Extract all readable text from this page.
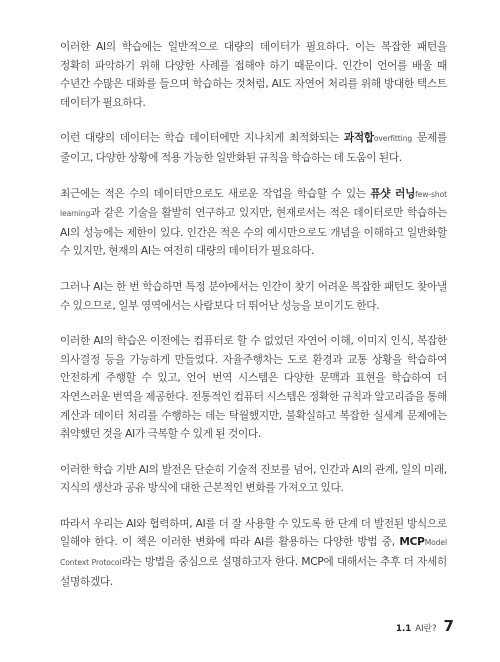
이러한 AI의 학습에는 일반적으로 대량의 데이터가 필요하다. 이는 복잡한 패턴을 정확히 파악하기 위해 다양한 사례를 접해야 하기 때문이다. 인간이 언어를 배울 때 수년간 수많은 대화를 들으며 학습하는 것처럼, AI도 자연어 처리를 위해 방대한 텍스트 데이터가 필요하다.

이런 대량의 데이터는 학습 데이터에만 지나치게 최적화되는 과적합overfitting 문제를 줄이고, 다양한 상황에 적용 가능한 일반화된 규칙을 학습하는 데 도움이 된다.

최근에는 적은 수의 데이터만으로도 새로운 작업을 학습할 수 있는 퓨샷 러닝few-shot learning과 같은 기술을 활발히 연구하고 있지만, 현재로서는 적은 데이터로만 학습하는 AI의 성능에는 제한이 있다. 인간은 적은 수의 예시만으로도 개념을 이해하고 일반화할 수 있지만, 현재의 AI는 여전히 대량의 데이터가 필요하다.

그러나 AI는 한 번 학습하면 특정 분야에서는 인간이 찾기 어려운 복잡한 패턴도 찾아낼 수 있으므로, 일부 영역에서는 사람보다 더 뛰어난 성능을 보이기도 한다.

이러한 AI의 학습은 이전에는 컴퓨터로 할 수 없었던 자연어 이해, 이미지 인식, 복잡한 의사결정 등을 가능하게 만들었다. 자율주행차는 도로 환경과 교통 상황을 학습하여 안전하게 주행할 수 있고, 언어 번역 시스템은 다양한 문맥과 표현을 학습하여 더 자연스러운 번역을 제공한다. 전통적인 컴퓨터 시스템은 정확한 규칙과 알고리즘을 통해 계산과 데이터 처리를 수행하는 데는 탁월했지만, 불확실하고 복잡한 실세계 문제에는 취약했던 것을 AI가 극복할 수 있게 된 것이다.

이러한 학습 기반 AI의 발전은 단순히 기술적 진보를 넘어, 인간과 AI의 관계, 일의 미래, 지식의 생산과 공유 방식에 대한 근본적인 변화를 가져오고 있다.

따라서 우리는 AI와 협력하며, AI를 더 잘 사용할 수 있도록 한 단계 더 발전된 방식으로 일해야 한다. 이 책은 이러한 변화에 따라 AI를 활용하는 다양한 방법 중, MCPModel Context Protocol라는 방법을 중심으로 설명하고자 한다. MCP에 대해서는 추후 더 자세히 설명하겠다.

1.1 AI란? 7
